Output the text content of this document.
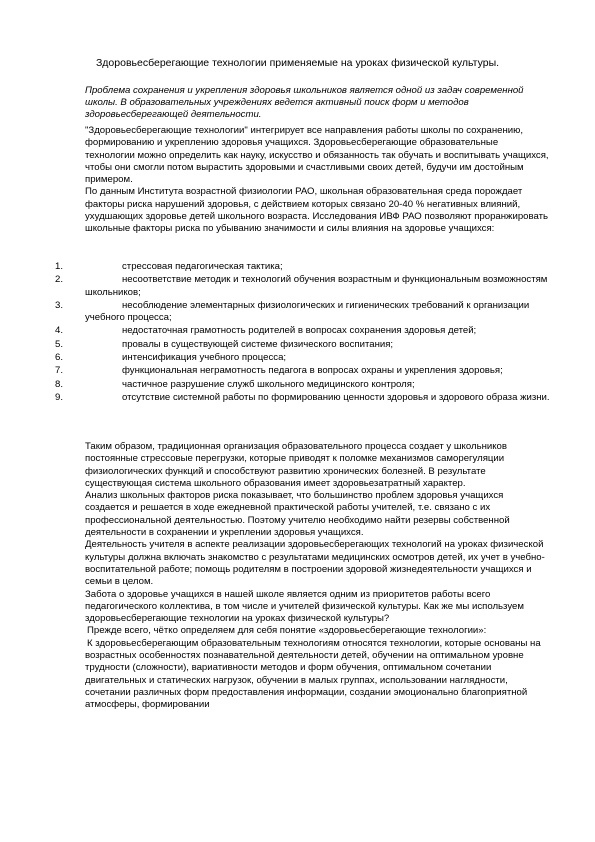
Здоровьесберегающие технологии применяемые на уроках физической культуры.

Проблема сохранения и укрепления здоровья школьников является одной из задач современной школы. В образовательных учреждениях ведется активный поиск форм и методов здоровьесберегающей деятельности.

"Здоровьесберегающие технологии" интегрирует все направления работы школы по сохранению, формированию и укреплению здоровья учащихся. Здоровьесберегающие образовательные технологии можно определить как науку, искусство и обязанность так обучать и воспитывать учащихся, чтобы они смогли потом вырастить здоровыми и счастливыми своих детей, будучи им достойным примером.

По данным Института возрастной физиологии РАО, школьная образовательная среда порождает факторы риска нарушений здоровья, с действием которых связано 20-40 % негативных влияний, ухудшающих здоровье детей школьного возраста. Исследования ИВФ РАО позволяют проранжировать школьные факторы риска по убыванию значимости и силы влияния на здоровье учащихся:

1.	стрессовая педагогическая тактика;
2.	несоответствие методик и технологий обучения возрастным и функциональным возможностям школьников;
3.	несоблюдение элементарных физиологических и гигиенических требований к организации учебного процесса;
4.	недостаточная грамотность родителей в вопросах сохранения здоровья детей;
5.	провалы в существующей системе физического воспитания;
6.	интенсификация учебного процесса;
7.	функциональная неграмотность педагога в вопросах охраны и укрепления здоровья;
8.	частичное разрушение служб школьного медицинского контроля;
9.	отсутствие системной работы по формированию ценности здоровья и здорового образа жизни.

Таким образом, традиционная организация образовательного процесса создает у школьников постоянные стрессовые перегрузки, которые приводят к поломке механизмов саморегуляции физиологических функций и способствуют развитию хронических болезней. В результате существующая система школьного образования имеет здоровьезатратный характер.

Анализ школьных факторов риска показывает, что большинство проблем здоровья учащихся создается и решается в ходе ежедневной практической работы учителей, т.е. связано с их профессиональной деятельностью. Поэтому учителю необходимо найти резервы собственной деятельности в сохранении и укреплении здоровья учащихся.

Деятельность учителя в аспекте реализации здоровьесберегающих технологий на уроках физической культуры должна включать знакомство с результатами медицинских осмотров детей, их учет в учебно-воспитательной работе; помощь родителям в построении здоровой жизнедеятельности учащихся и семьи в целом.

Забота о здоровье учащихся в нашей школе является одним из приоритетов работы всего педагогического коллектива, в том числе и учителей физической культуры. Как же мы используем здоровьесберегающие технологии на уроках физической культуры?

Прежде всего, чётко определяем для себя понятие «здоровьесберегающие технологии»:

К здоровьесберегающим образовательным технологиям относятся технологии, которые основаны на возрастных особенностях познавательной деятельности детей, обучении на оптимальном уровне трудности (сложности), вариативности методов и форм обучения, оптимальном сочетании двигательных и статических нагрузок, обучении в малых группах, использовании наглядности, сочетании различных форм предоставления информации, создании эмоционально благоприятной атмосферы, формировании
